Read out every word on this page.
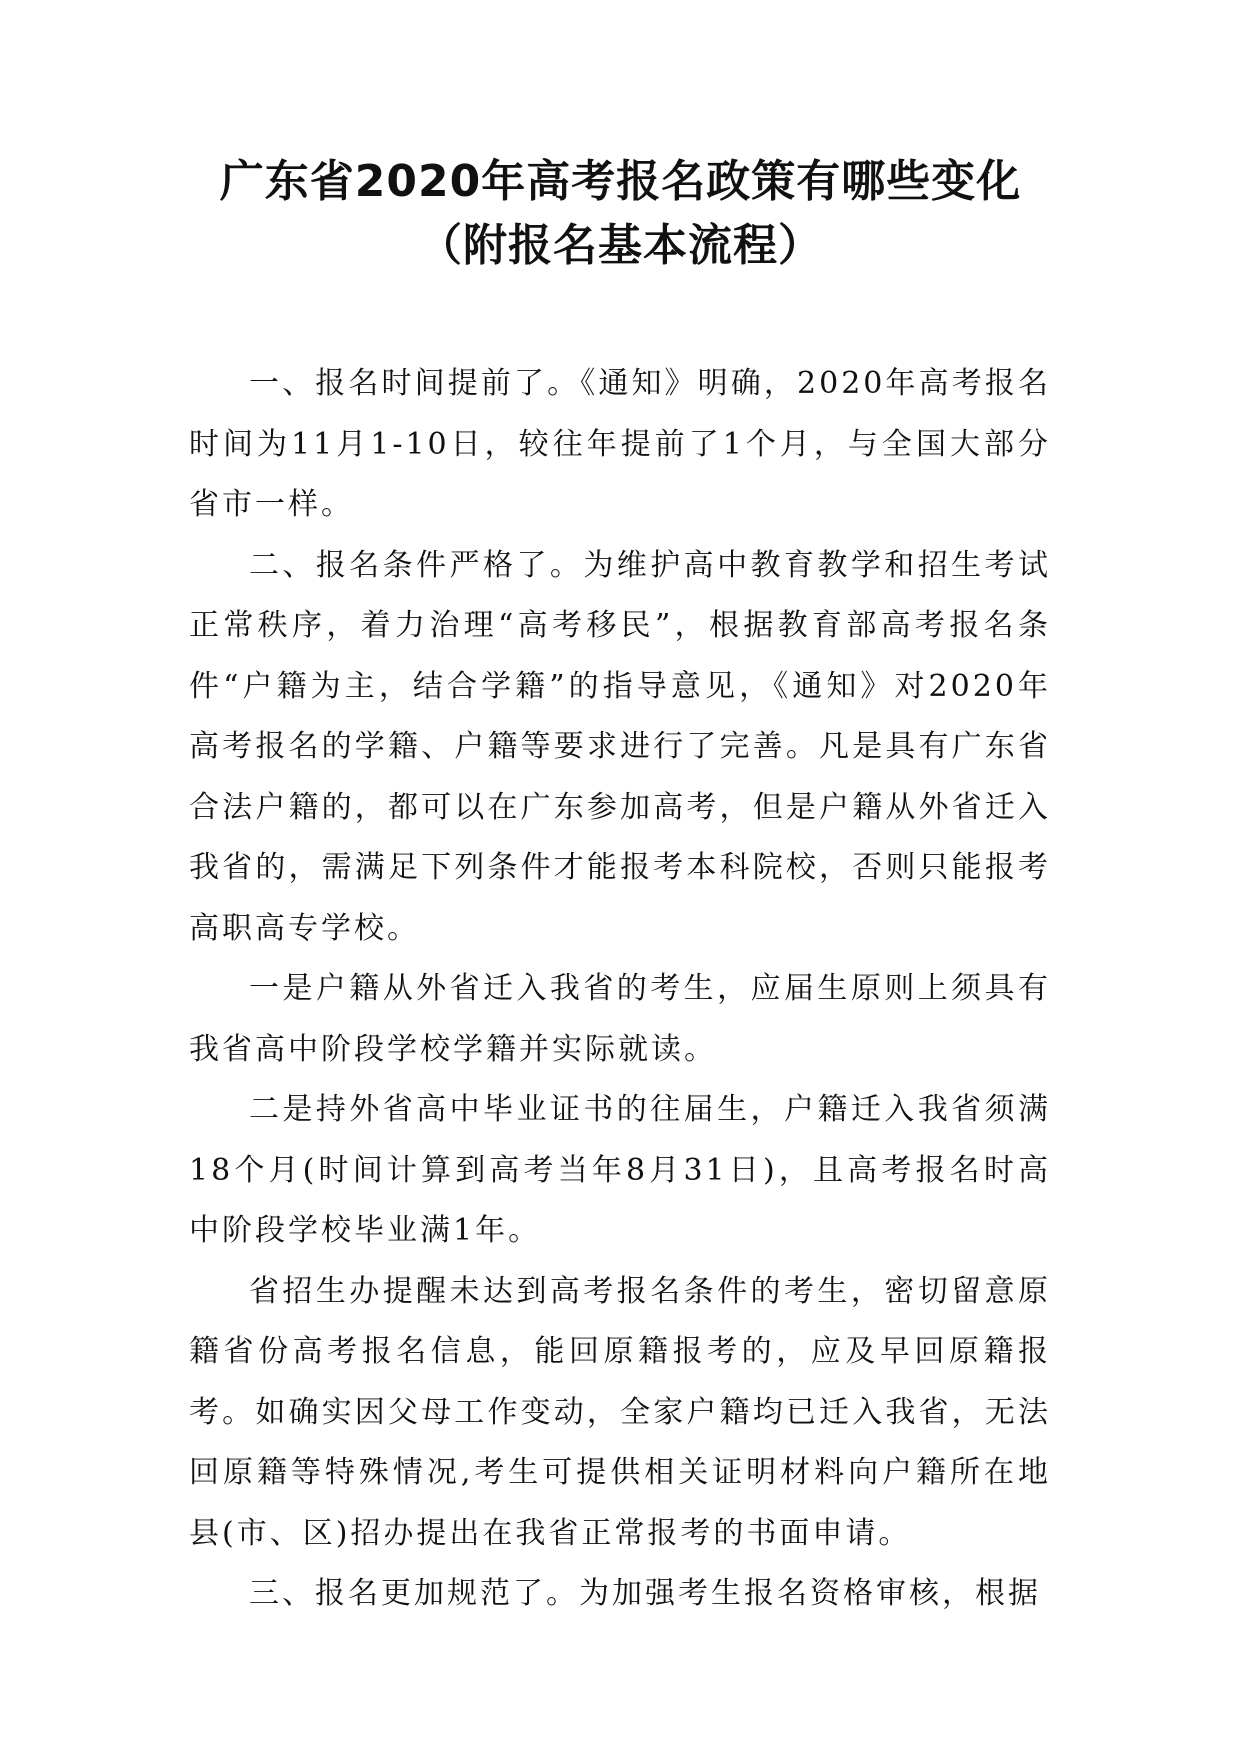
广东省2020年高考报名政策有哪些变化（附报名基本流程）

一、报名时间提前了。《通知》明确，2020年高考报名时间为11月1-10日，较往年提前了1个月，与全国大部分省市一样。

二、报名条件严格了。为维护高中教育教学和招生考试正常秩序，着力治理“高考移民”，根据教育部高考报名条件“户籍为主，结合学籍”的指导意见，《通知》对2020年高考报名的学籍、户籍等要求进行了完善。凡是具有广东省合法户籍的，都可以在广东参加高考，但是户籍从外省迁入我省的，需满足下列条件才能报考本科院校，否则只能报考高职高专学校。

一是户籍从外省迁入我省的考生，应届生原则上须具有我省高中阶段学校学籍并实际就读。

二是持外省高中毕业证书的往届生，户籍迁入我省须满18个月(时间计算到高考当年8月31日)，且高考报名时高中阶段学校毕业满1年。

省招生办提醒未达到高考报名条件的考生，密切留意原籍省份高考报名信息，能回原籍报考的，应及早回原籍报考。如确实因父母工作变动，全家户籍均已迁入我省，无法回原籍等特殊情况,考生可提供相关证明材料向户籍所在地县(市、区)招办提出在我省正常报考的书面申请。

三、报名更加规范了。为加强考生报名资格审核，根据
